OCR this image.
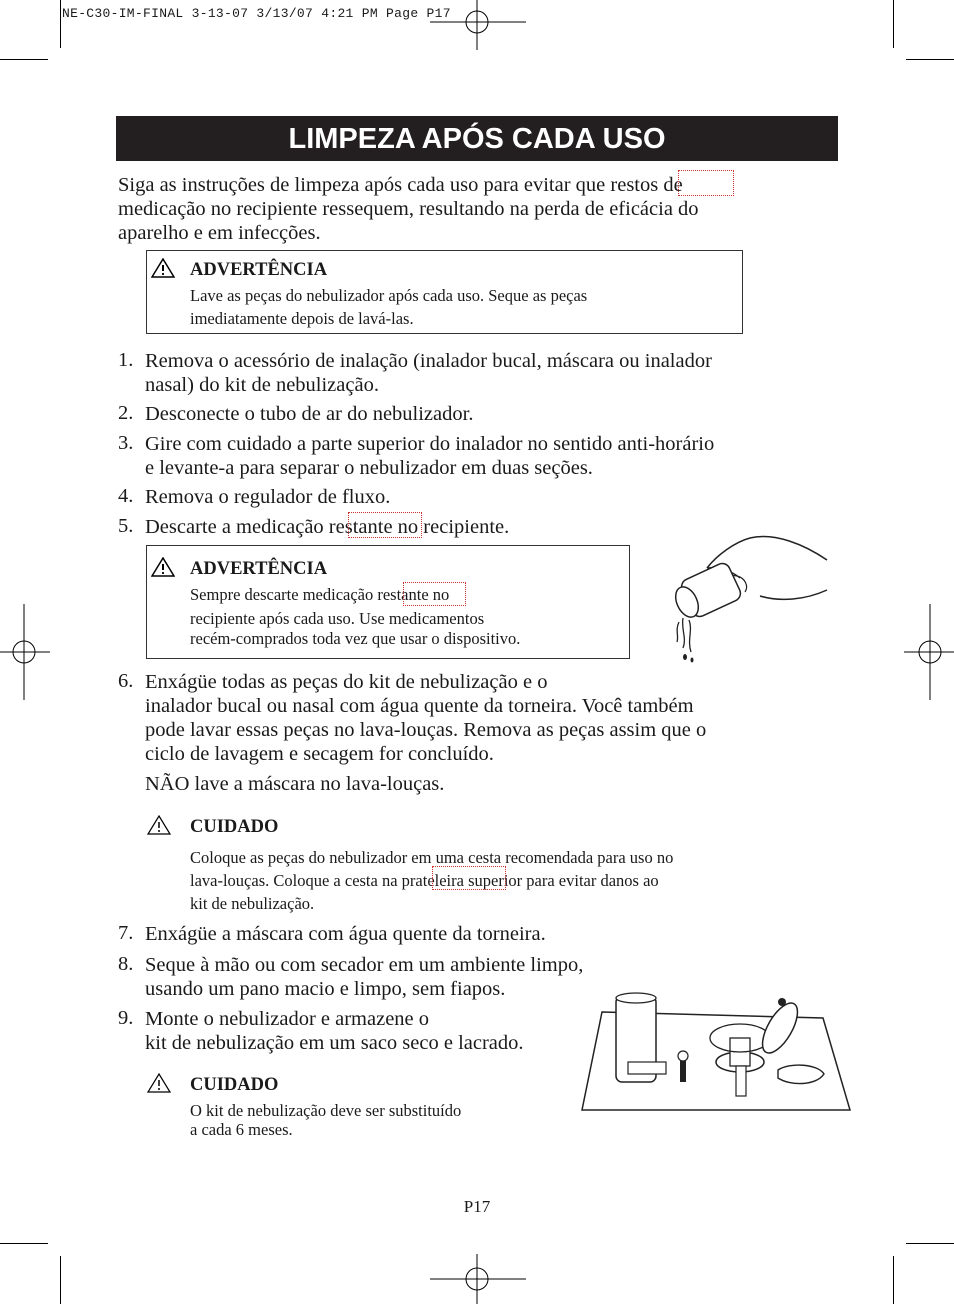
NE-C30-IM-FINAL 3-13-07 3/13/07 4:21 PM Page P17
LIMPEZA APÓS CADA USO
Siga as instruções de limpeza após cada uso para evitar que restos de
medicação no recipiente ressequem, resultando na perda de eficácia do
aparelho e em infecções.
ADVERTÊNCIA
Lave as peças do nebulizador após cada uso. Seque as peças
imediatamente depois de lavá-las.
1. Remova o acessório de inalação (inalador bucal, máscara ou inalador
nasal) do kit de nebulização.
2. Desconecte o tubo de ar do nebulizador.
3. Gire com cuidado a parte superior do inalador no sentido anti-horário
e levante-a para separar o nebulizador em duas seções.
4. Remova o regulador de fluxo.
5. Descarte a medicação restante no recipiente.
ADVERTÊNCIA
Sempre descarte medicação restante no
recipiente após cada uso. Use medicamentos
recém-comprados toda vez que usar o dispositivo.
6. Enxágüe todas as peças do kit de nebulização e o
inalador bucal ou nasal com água quente da torneira. Você também
pode lavar essas peças no lava-louças. Remova as peças assim que o
ciclo de lavagem e secagem for concluído.
NÃO lave a máscara no lava-louças.
CUIDADO
Coloque as peças do nebulizador em uma cesta recomendada para uso no
lava-louças. Coloque a cesta na prateleira superior para evitar danos ao
kit de nebulização.
7. Enxágüe a máscara com água quente da torneira.
8. Seque à mão ou com secador em um ambiente limpo,
usando um pano macio e limpo, sem fiapos.
9. Monte o nebulizador e armazene o
kit de nebulização em um saco seco e lacrado.
CUIDADO
O kit de nebulização deve ser substituído
a cada 6 meses.
P17
